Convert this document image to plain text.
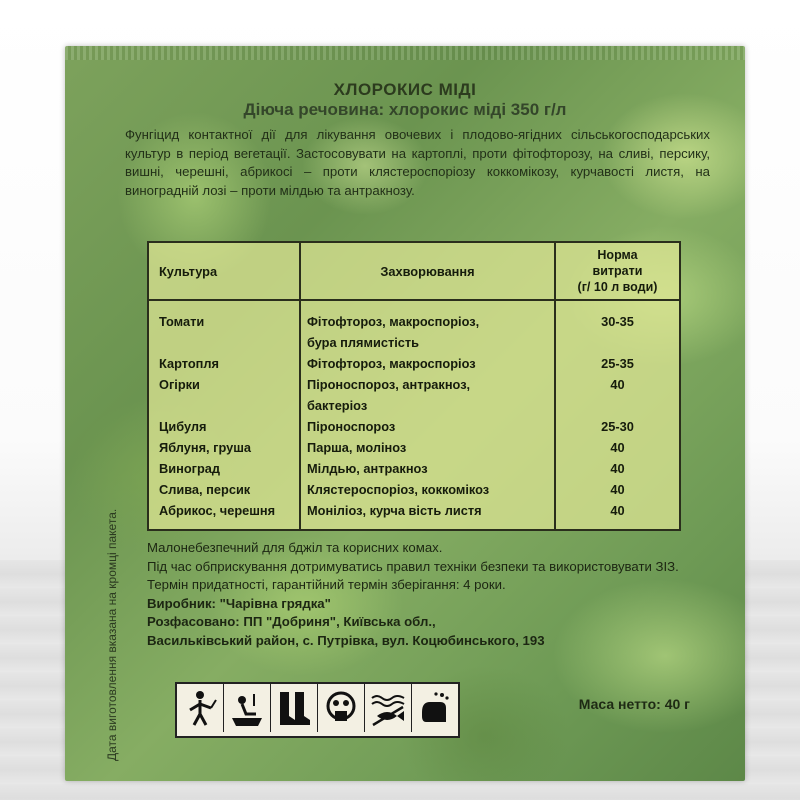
ХЛОРОКИС МІДІ
Діюча речовина: хлорокис міді 350 г/л
Фунгіцид контактної дії для лікування овочевих і плодово-ягідних сільськогосподарських культур в період вегетації. Застосовувати на картоплі, проти фітофторозу, на сливі, персику, вишні, черешні, абрикосі – проти клястероспоріозу коккомікозу, курчавості листя, на виноградній лозі – проти мілдью та антракнозу.
Культура	Захворювання
Норма
витрати
(г/ 10 л води)
Томати

Картопля
Огірки

Цибуля
Яблуня, груша
Виноград
Слива, персик
Абрикос, черешня
Фітофтороз, макроспоріоз,
бура плямистість
Фітофтороз, макроспоріоз
Піроноспороз, антракноз,
бактеріоз
Піроноспороз
Парша, моліноз
Мілдью, антракноз
Клястероспоріоз, коккомікоз
Моніліоз, курча вість листя
30-35

25-35
40

25-30
40
40
40
40
Малонебезпечний для бджіл та корисних комах.
Під час обприскування дотримуватись правил техніки безпеки та використовувати ЗІЗ.
Термін придатності, гарантійний термін зберігання: 4 роки.
Виробник: "Чарівна грядка"
Розфасовано: ПП "Добриня", Київська обл.,
Васильківський район, с. Путрівка, вул. Коцюбинського, 193
Дата виготовлення вказана на кромці пакета.	Маса нетто: 40 г
